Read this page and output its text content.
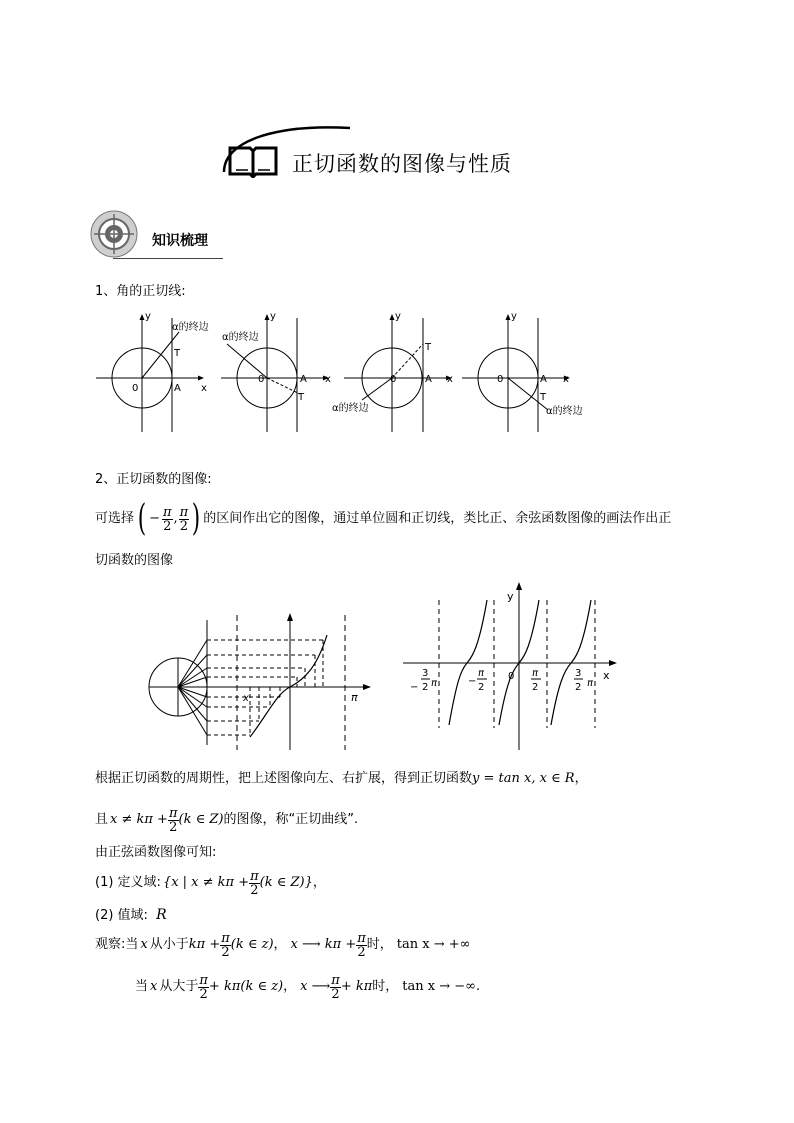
正切函数的图像与性质
知识梳理
1、角的正切线:
y
α的终边
T
0	A x
y
α的终边
T
0	A x
y
T
0	A x
α的终边
y
0	A x
T
α的终边
2、正切函数的图像:
可选择 ( − $\frac{\pi}{2}$ , $\frac{\pi}{2}$ ) 的区间作出它的图像，通过单位圆和正切线，类比正、余弦函数图像的画法作出正
切函数的图像
x	π
y
x
0
−
3
2 π	−
π
2
π
2
3
2 π
根据正切函数的周期性，把上述图像向左、右扩展，得到正切函数y = tan x, x ∈ R，
且 $x \ne k\pi + \frac{\pi}{2} (k$ ∈ Z) 的图像，称“正切曲线”.
由正弦函数图像可知:
(1) 定义域: {x | $x \ne k\pi + \frac{\pi}{2} (k$ ∈ Z)} ，
(2) 值域: R
观察: 当 x 从小于 $k\pi + \frac{\pi}{2} (k$ ∈ z) ， x ⟶ $k\pi + \frac{\pi}{2}$ 时， tan x → +∞
当 x 从大于 $\frac{\pi}{2} + k\pi(k$ ∈ z) ， x ⟶ $\frac{\pi}{2} + k\pi$ 时， tan x → −∞ .
